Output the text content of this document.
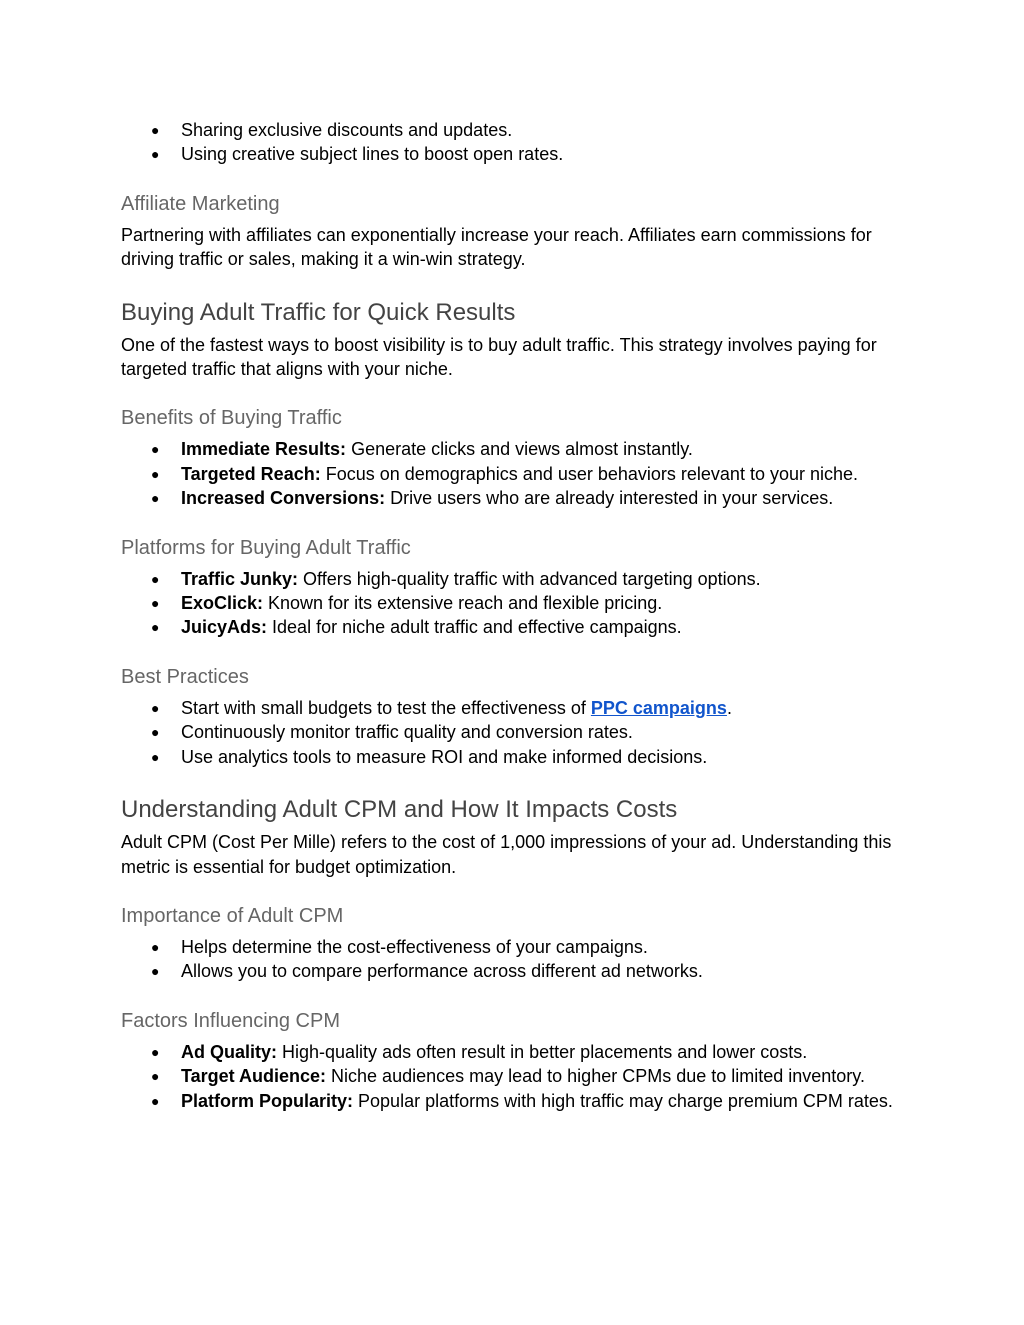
● Sharing exclusive discounts and updates.
● Using creative subject lines to boost open rates.
Affiliate Marketing

Partnering with affiliates can exponentially increase your reach. Affiliates earn commissions for driving traffic or sales, making it a win-win strategy.

Buying Adult Traffic for Quick Results

One of the fastest ways to boost visibility is to buy adult traffic. This strategy involves paying for targeted traffic that aligns with your niche.

Benefits of Buying Traffic
● Immediate Results: Generate clicks and views almost instantly.
● Targeted Reach: Focus on demographics and user behaviors relevant to your niche.
● Increased Conversions: Drive users who are already interested in your services.
Platforms for Buying Adult Traffic
● Traffic Junky: Offers high-quality traffic with advanced targeting options.
● ExoClick: Known for its extensive reach and flexible pricing.
● JuicyAds: Ideal for niche adult traffic and effective campaigns.
Best Practices
● Start with small budgets to test the effectiveness of PPC campaigns.
● Continuously monitor traffic quality and conversion rates.
● Use analytics tools to measure ROI and make informed decisions.
Understanding Adult CPM and How It Impacts Costs

Adult CPM (Cost Per Mille) refers to the cost of 1,000 impressions of your ad. Understanding this metric is essential for budget optimization.

Importance of Adult CPM
● Helps determine the cost-effectiveness of your campaigns.
● Allows you to compare performance across different ad networks.
Factors Influencing CPM
● Ad Quality: High-quality ads often result in better placements and lower costs.
● Target Audience: Niche audiences may lead to higher CPMs due to limited inventory.
● Platform Popularity: Popular platforms with high traffic may charge premium CPM rates.
